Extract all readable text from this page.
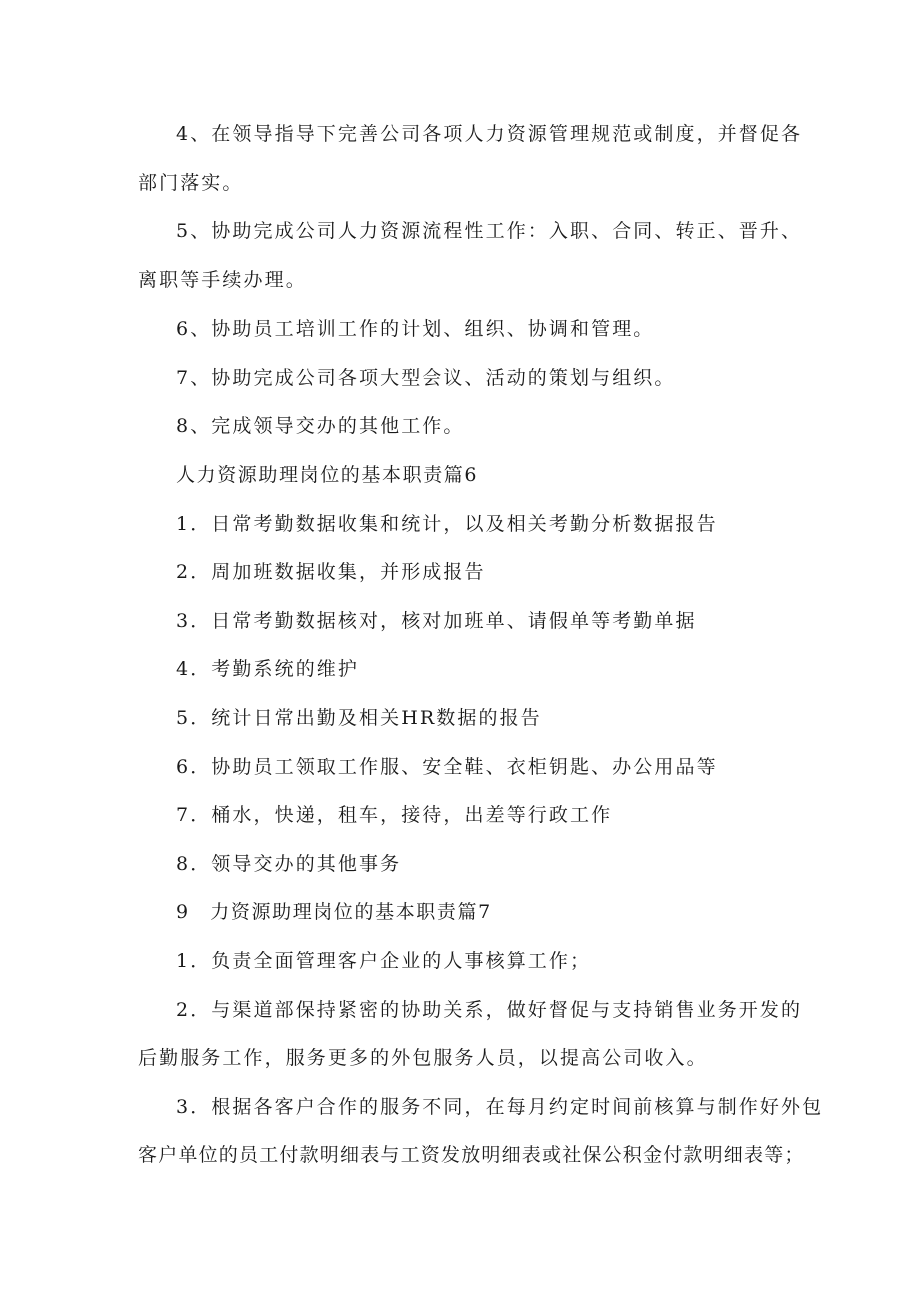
4、在领导指导下完善公司各项人力资源管理规范或制度，并督促各
部门落实。
5、协助完成公司人力资源流程性工作：入职、合同、转正、晋升、
离职等手续办理。
6、协助员工培训工作的计划、组织、协调和管理。
7、协助完成公司各项大型会议、活动的策划与组织。
8、完成领导交办的其他工作。
人力资源助理岗位的基本职责篇6
1．日常考勤数据收集和统计，以及相关考勤分析数据报告
2．周加班数据收集，并形成报告
3．日常考勤数据核对，核对加班单、请假单等考勤单据
4．考勤系统的维护
5．统计日常出勤及相关HR数据的报告
6．协助员工领取工作服、安全鞋、衣柜钥匙、办公用品等
7．桶水，快递，租车，接待，出差等行政工作
8．领导交办的其他事务
9　力资源助理岗位的基本职责篇7
1．负责全面管理客户企业的人事核算工作；
2．与渠道部保持紧密的协助关系，做好督促与支持销售业务开发的
后勤服务工作，服务更多的外包服务人员，以提高公司收入。
3．根据各客户合作的服务不同，在每月约定时间前核算与制作好外包
客户单位的员工付款明细表与工资发放明细表或社保公积金付款明细表等；
